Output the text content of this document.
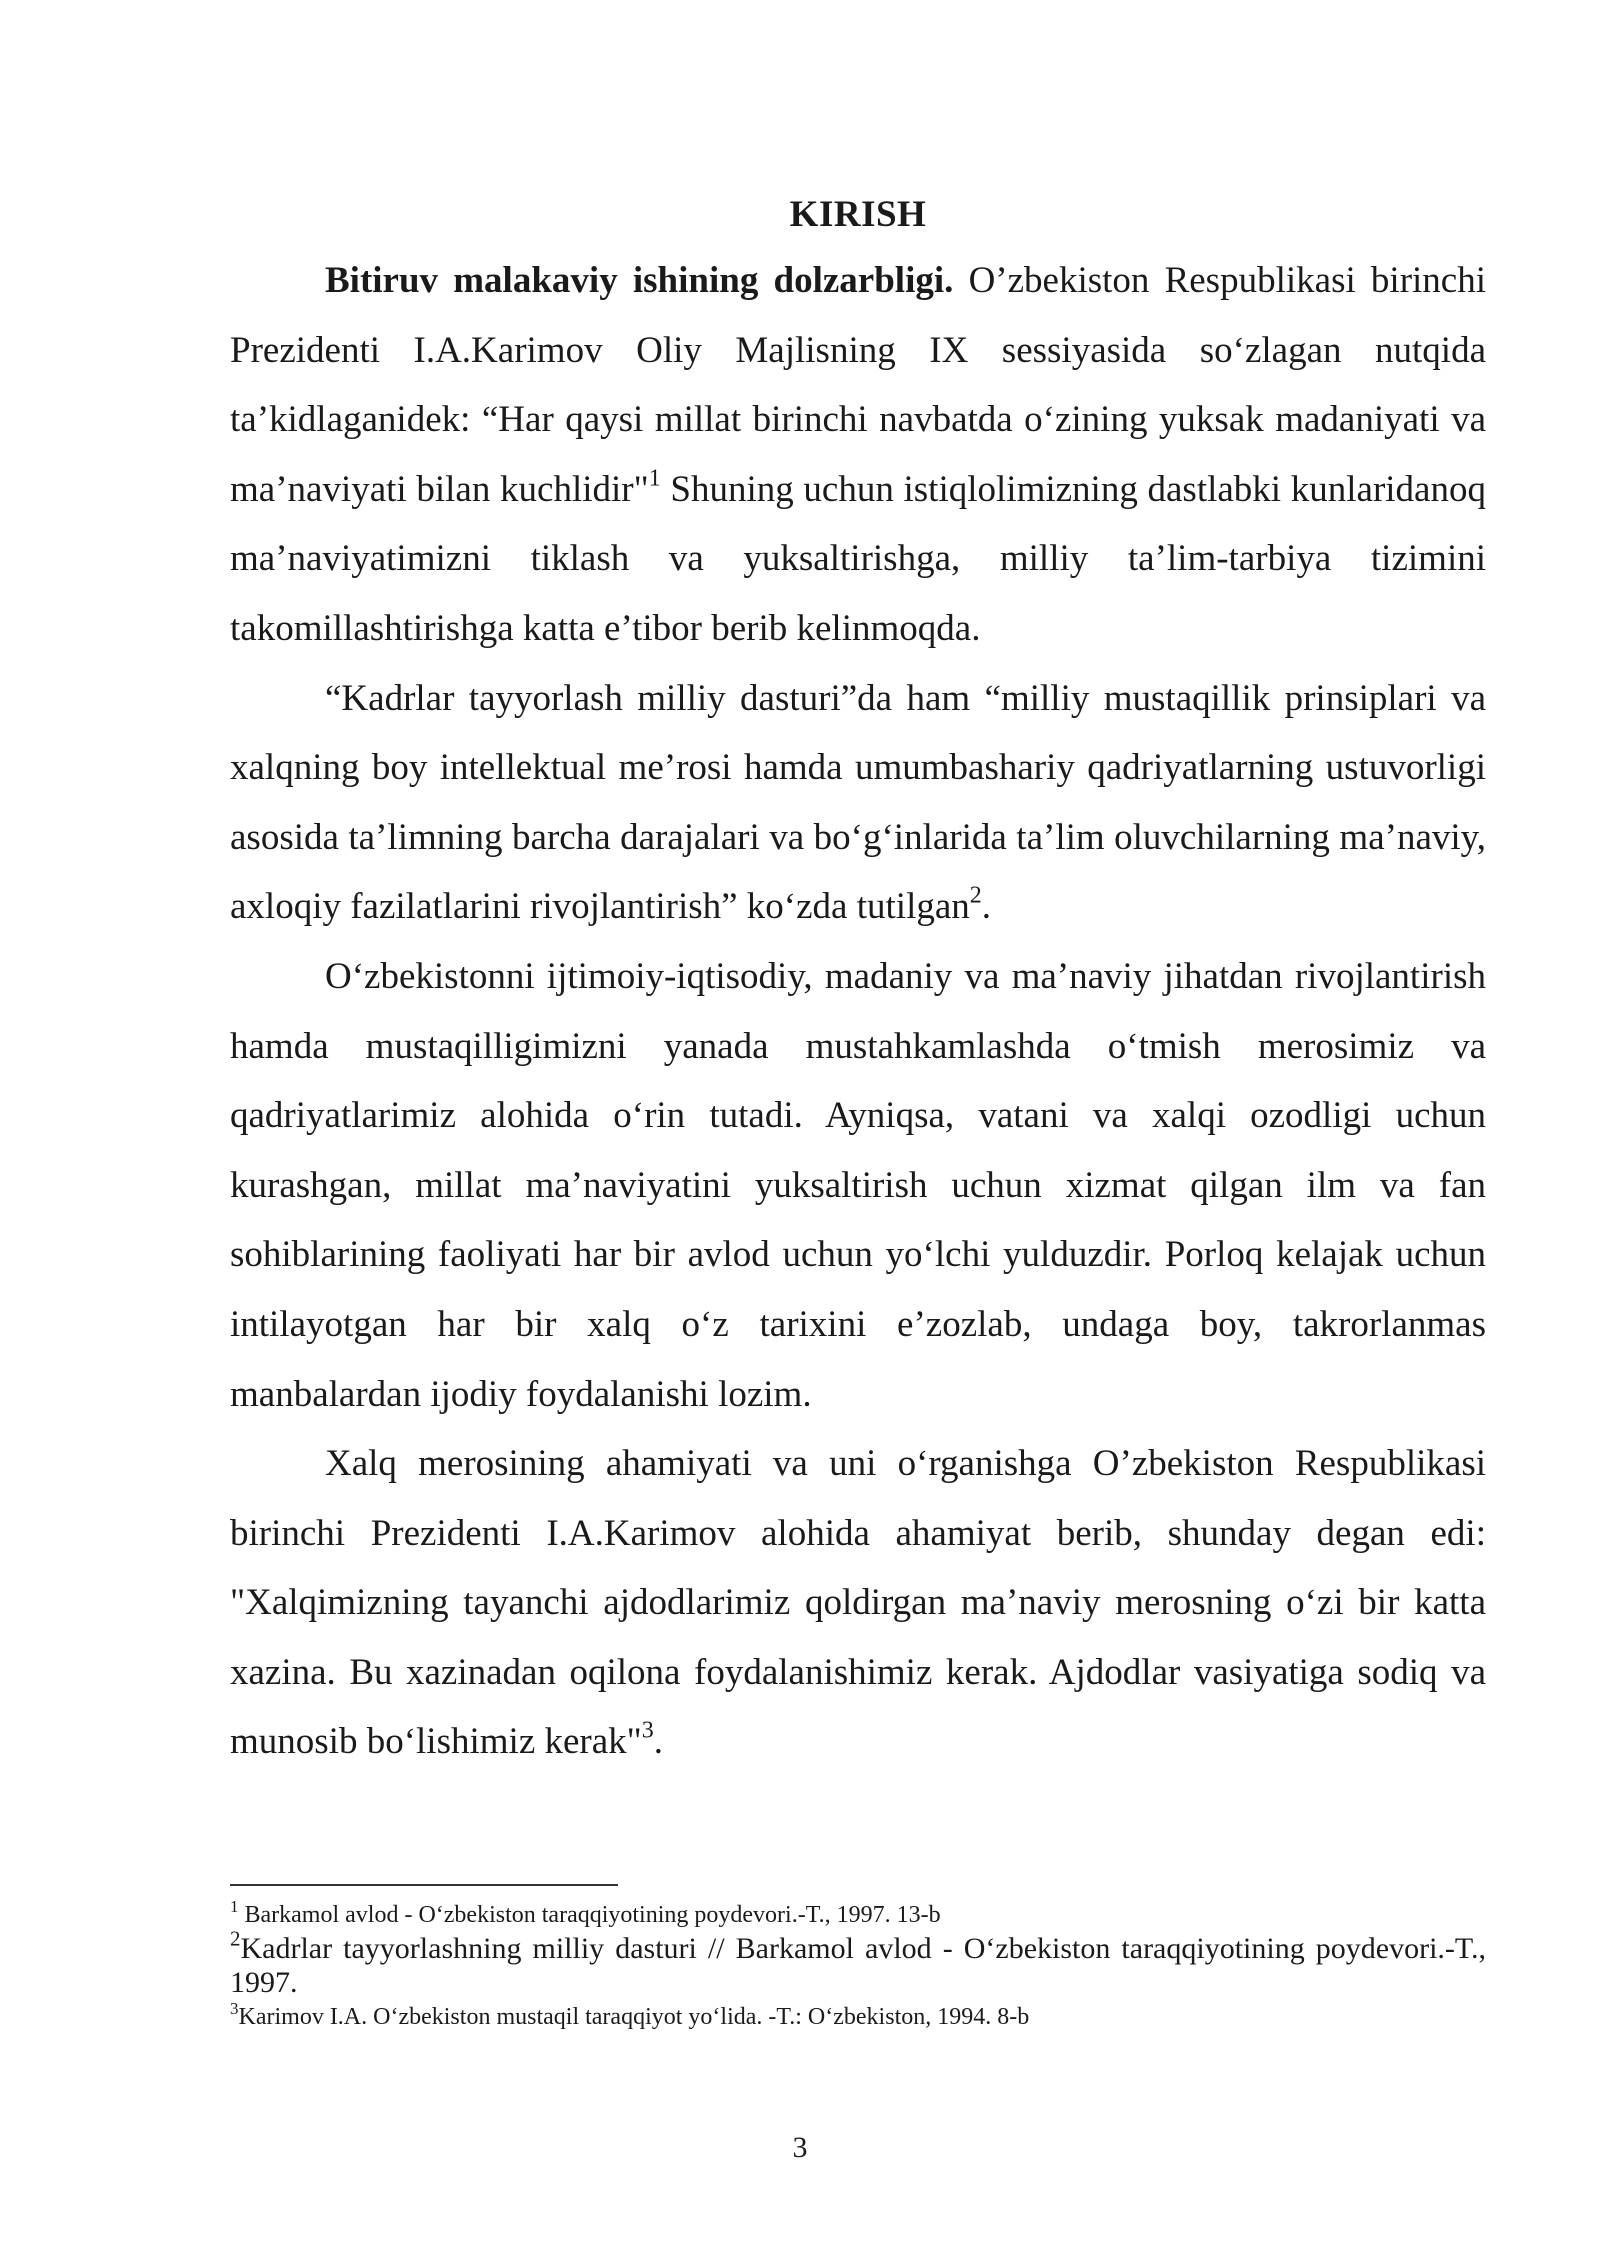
KIRISH

Bitiruv malakaviy ishining dolzarbligi. O’zbekiston Respublikasi birinchi Prezidenti I.A.Karimov Oliy Majlisning IX sessiyasida so‘zlagan nutqida ta’kidlaganidek: “Har qaysi millat birinchi navbatda o‘zining yuksak madaniyati va ma’naviyati bilan kuchlidir"$^1$ Shuning uchun istiqlolimizning dastlabki kunlaridanoq ma’naviyatimizni tiklash va yuksaltirishga, milliy ta’lim-tarbiya tizimini takomillashtirishga katta e’tibor berib kelinmoqda.

“Kadrlar tayyorlash milliy dasturi”da ham “milliy mustaqillik prinsiplari va xalqning boy intellektual me’rosi hamda umumbashariy qadriyatlarning ustuvorligi asosida ta’limning barcha darajalari va bo‘g‘inlarida ta’lim oluvchilarning ma’naviy, axloqiy fazilatlarini rivojlantirish” ko‘zda tutilgan$^2$.

O‘zbekistonni ijtimoiy-iqtisodiy, madaniy va ma’naviy jihatdan rivojlantirish hamda mustaqilligimizni yanada mustahkamlashda o‘tmish merosimiz va qadriyatlarimiz alohida o‘rin tutadi. Ayniqsa, vatani va xalqi ozodligi uchun kurashgan, millat ma’naviyatini yuksaltirish uchun xizmat qilgan ilm va fan sohiblarining faoliyati har bir avlod uchun yo‘lchi yulduzdir. Porloq kelajak uchun intilayotgan har bir xalq o‘z tarixini e’zozlab, undaga boy, takrorlanmas manbalardan ijodiy foydalanishi lozim.

Xalq merosining ahamiyati va uni o‘rganishga O’zbekiston Respublikasi birinchi Prezidenti I.A.Karimov alohida ahamiyat berib, shunday degan edi: "Xalqimizning tayanchi ajdodlarimiz qoldirgan ma’naviy merosning o‘zi bir katta xazina. Bu xazinadan oqilona foydalanishimiz kerak. Ajdodlar vasiyatiga sodiq va munosib bo‘lishimiz kerak"$^3$.

$^1$ Barkamol avlod - O‘zbekiston taraqqiyotining poydevori.-T., 1997. 13-b

$^2$Kadrlar tayyorlashning milliy dasturi // Barkamol avlod - O‘zbekiston taraqqiyotining poydevori.-T., 1997.

$^3$Karimov I.A. O‘zbekiston mustaqil taraqqiyot yo‘lida. -T.: O‘zbekiston, 1994. 8-b

3
